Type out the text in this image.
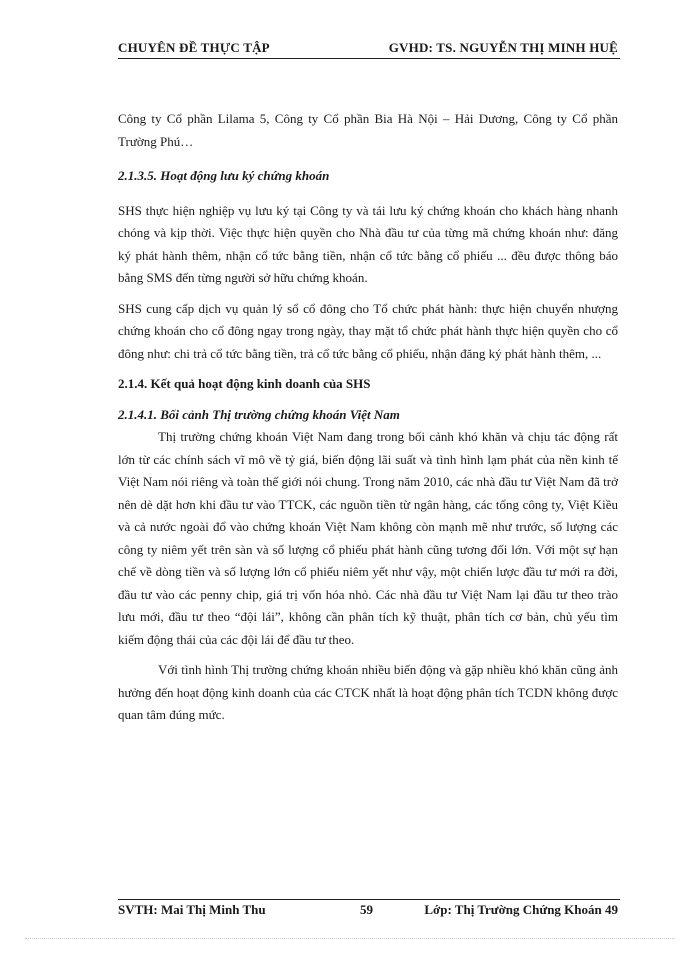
CHUYÊN ĐỀ THỰC TẬP	GVHD: TS. NGUYỄN THỊ MINH HUỆ

Công ty Cổ phần Lilama 5, Công ty Cổ phần Bia Hà Nội – Hải Dương, Công ty Cổ phần Trường Phú…

2.1.3.5. Hoạt động lưu ký chứng khoán

SHS thực hiện nghiệp vụ lưu ký tại Công ty và tái lưu ký chứng khoán cho khách hàng nhanh chóng và kịp thời. Việc thực hiện quyền cho Nhà đầu tư của từng mã chứng khoán như: đăng ký phát hành thêm, nhận cổ tức bằng tiền, nhận cổ tức bằng cổ phiếu ... đều được thông báo bằng SMS đến từng người sở hữu chứng khoán.

SHS cung cấp dịch vụ quản lý sổ cổ đông cho Tổ chức phát hành: thực hiện chuyển nhượng chứng khoán cho cổ đông ngay trong ngày, thay mặt tổ chức phát hành thực hiện quyền cho cổ đông như: chi trả cổ tức bằng tiền, trả cổ tức bằng cổ phiếu, nhận đăng ký phát hành thêm, ...

2.1.4. Kết quả hoạt động kinh doanh của SHS
2.1.4.1. Bối cảnh Thị trường chứng khoán Việt Nam

Thị trường chứng khoán Việt Nam đang trong bối cảnh khó khăn và chịu tác động rất lớn từ các chính sách vĩ mô về tỷ giá, biến động lãi suất và tình hình lạm phát của nền kinh tế Việt Nam nói riêng và toàn thế giới nói chung. Trong năm 2010, các nhà đầu tư Việt Nam đã trở nên dè dặt hơn khi đầu tư vào TTCK, các nguồn tiền từ ngân hàng, các tổng công ty, Việt Kiều và cả nước ngoài đổ vào chứng khoán Việt Nam không còn mạnh mẽ như trước, số lượng các công ty niêm yết trên sàn và số lượng cổ phiếu phát hành cũng tương đối lớn. Với một sự hạn chế về dòng tiền và số lượng lớn cổ phiếu niêm yết như vậy, một chiến lược đầu tư mới ra đời, đầu tư vào các penny chip, giá trị vốn hóa nhỏ. Các nhà đầu tư Việt Nam lại đầu tư theo trào lưu mới, đầu tư theo “đội lái”, không cần phân tích kỹ thuật, phân tích cơ bản, chủ yếu tìm kiếm động thái của các đội lái để đầu tư theo.

Với tình hình Thị trường chứng khoán nhiều biến động và gặp nhiều khó khăn cũng ảnh hưởng đến hoạt động kinh doanh của các CTCK nhất là hoạt động phân tích TCDN không được quan tâm đúng mức.

SVTH: Mai Thị Minh Thu	59	Lớp: Thị Trường Chứng Khoán 49
